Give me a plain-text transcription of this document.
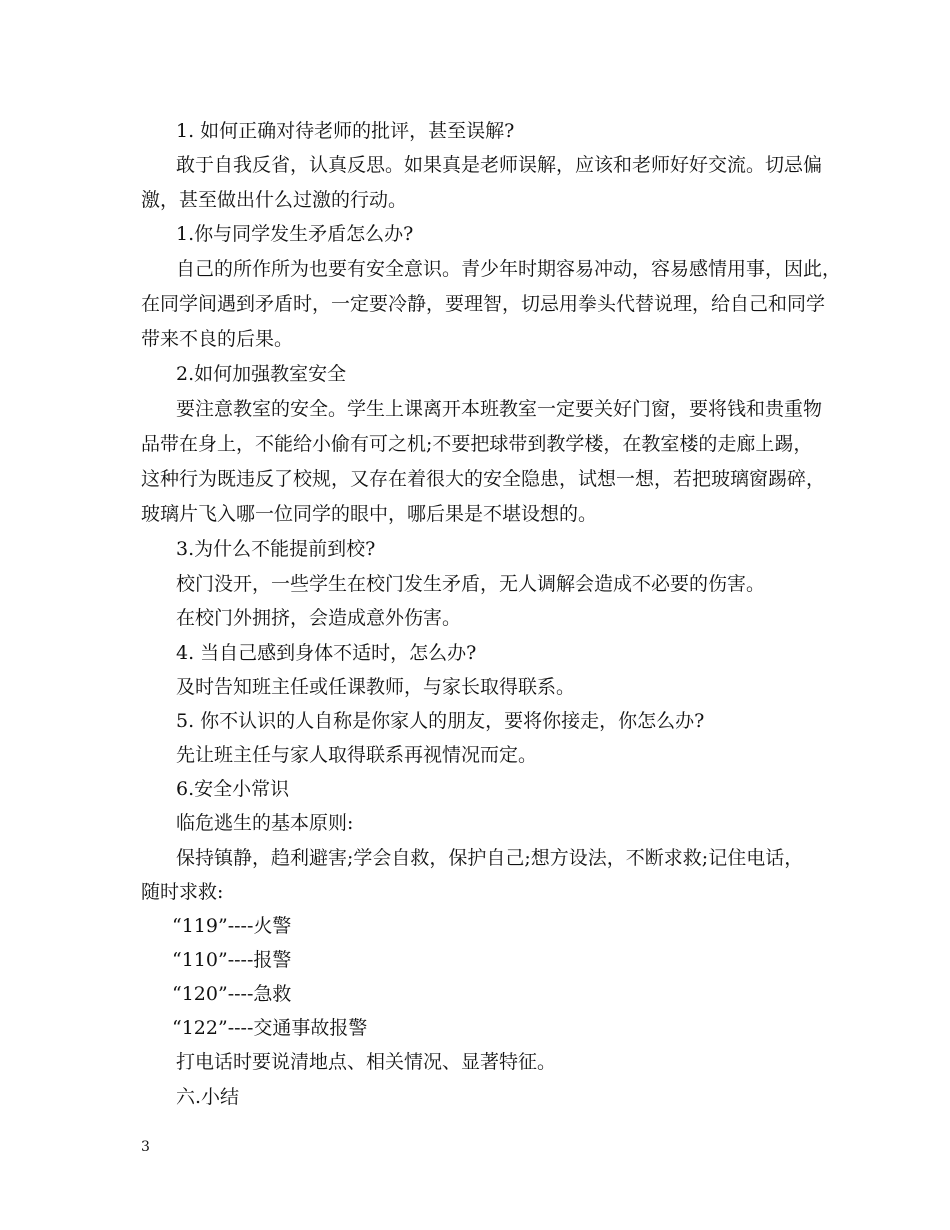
1. 如何正确对待老师的批评，甚至误解?
敢于自我反省，认真反思。如果真是老师误解，应该和老师好好交流。切忌偏
激，甚至做出什么过激的行动。
1.你与同学发生矛盾怎么办?
自己的所作所为也要有安全意识。青少年时期容易冲动，容易感情用事，因此，
在同学间遇到矛盾时，一定要冷静，要理智，切忌用拳头代替说理，给自己和同学
带来不良的后果。
2.如何加强教室安全
要注意教室的安全。学生上课离开本班教室一定要关好门窗，要将钱和贵重物
品带在身上，不能给小偷有可之机;不要把球带到教学楼，在教室楼的走廊上踢，
这种行为既违反了校规，又存在着很大的安全隐患，试想一想，若把玻璃窗踢碎，
玻璃片飞入哪一位同学的眼中，哪后果是不堪设想的。
3.为什么不能提前到校?
校门没开，一些学生在校门发生矛盾，无人调解会造成不必要的伤害。
在校门外拥挤，会造成意外伤害。
4. 当自己感到身体不适时，怎么办?
及时告知班主任或任课教师，与家长取得联系。
5. 你不认识的人自称是你家人的朋友，要将你接走，你怎么办?
先让班主任与家人取得联系再视情况而定。
6.安全小常识
临危逃生的基本原则:
保持镇静，趋利避害;学会自救，保护自己;想方设法，不断求救;记住电话，
随时求救:
“119”----火警
“110”----报警
“120”----急救
“122”----交通事故报警
打电话时要说清地点、相关情况、显著特征。
六.小结
3
